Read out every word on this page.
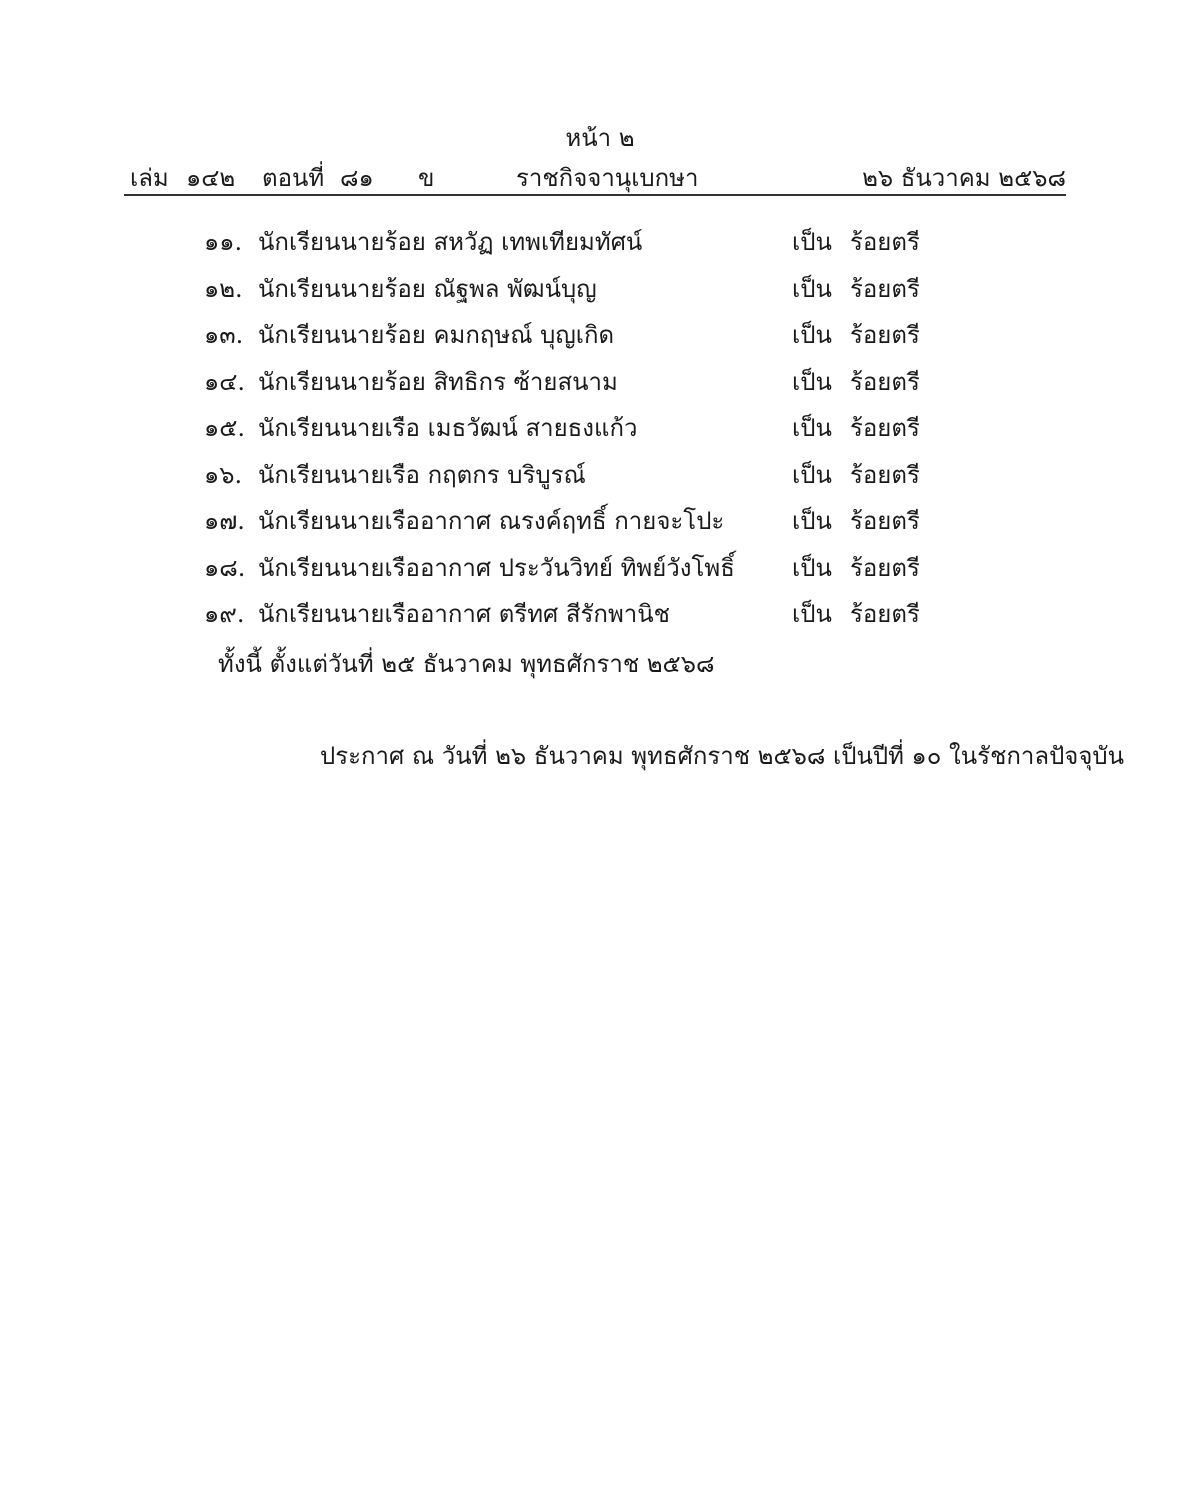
หน้า ๒
เล่ม ๑๔๒ ตอนที่ ๘๑ ข	ราชกิจจานุเบกษา	๒๖ ธันวาคม ๒๕๖๘
๑๑. นักเรียนนายร้อย สหวัฏ เทพเทียมทัศน์	เป็น ร้อยตรี
๑๒. นักเรียนนายร้อย ณัฐพล พัฒน์บุญ	เป็น ร้อยตรี
๑๓. นักเรียนนายร้อย คมกฤษณ์ บุญเกิด	เป็น ร้อยตรี
๑๔. นักเรียนนายร้อย สิทธิกร ซ้ายสนาม	เป็น ร้อยตรี
๑๕. นักเรียนนายเรือ เมธวัฒน์ สายธงแก้ว	เป็น ร้อยตรี
๑๖. นักเรียนนายเรือ กฤตกร บริบูรณ์	เป็น ร้อยตรี
๑๗. นักเรียนนายเรืออากาศ ณรงค์ฤทธิ์ กายจะโปะ	เป็น ร้อยตรี
๑๘. นักเรียนนายเรืออากาศ ประวันวิทย์ ทิพย์วังโพธิ์ เป็น ร้อยตรี
๑๙. นักเรียนนายเรืออากาศ ตรีทศ สีรักพานิช	เป็น ร้อยตรี
ทั้งนี้ ตั้งแต่วันที่ ๒๕ ธันวาคม พุทธศักราช ๒๕๖๘
ประกาศ ณ วันที่ ๒๖ ธันวาคม พุทธศักราช ๒๕๖๘ เป็นปีที่ ๑๐ ในรัชกาลปัจจุบัน
